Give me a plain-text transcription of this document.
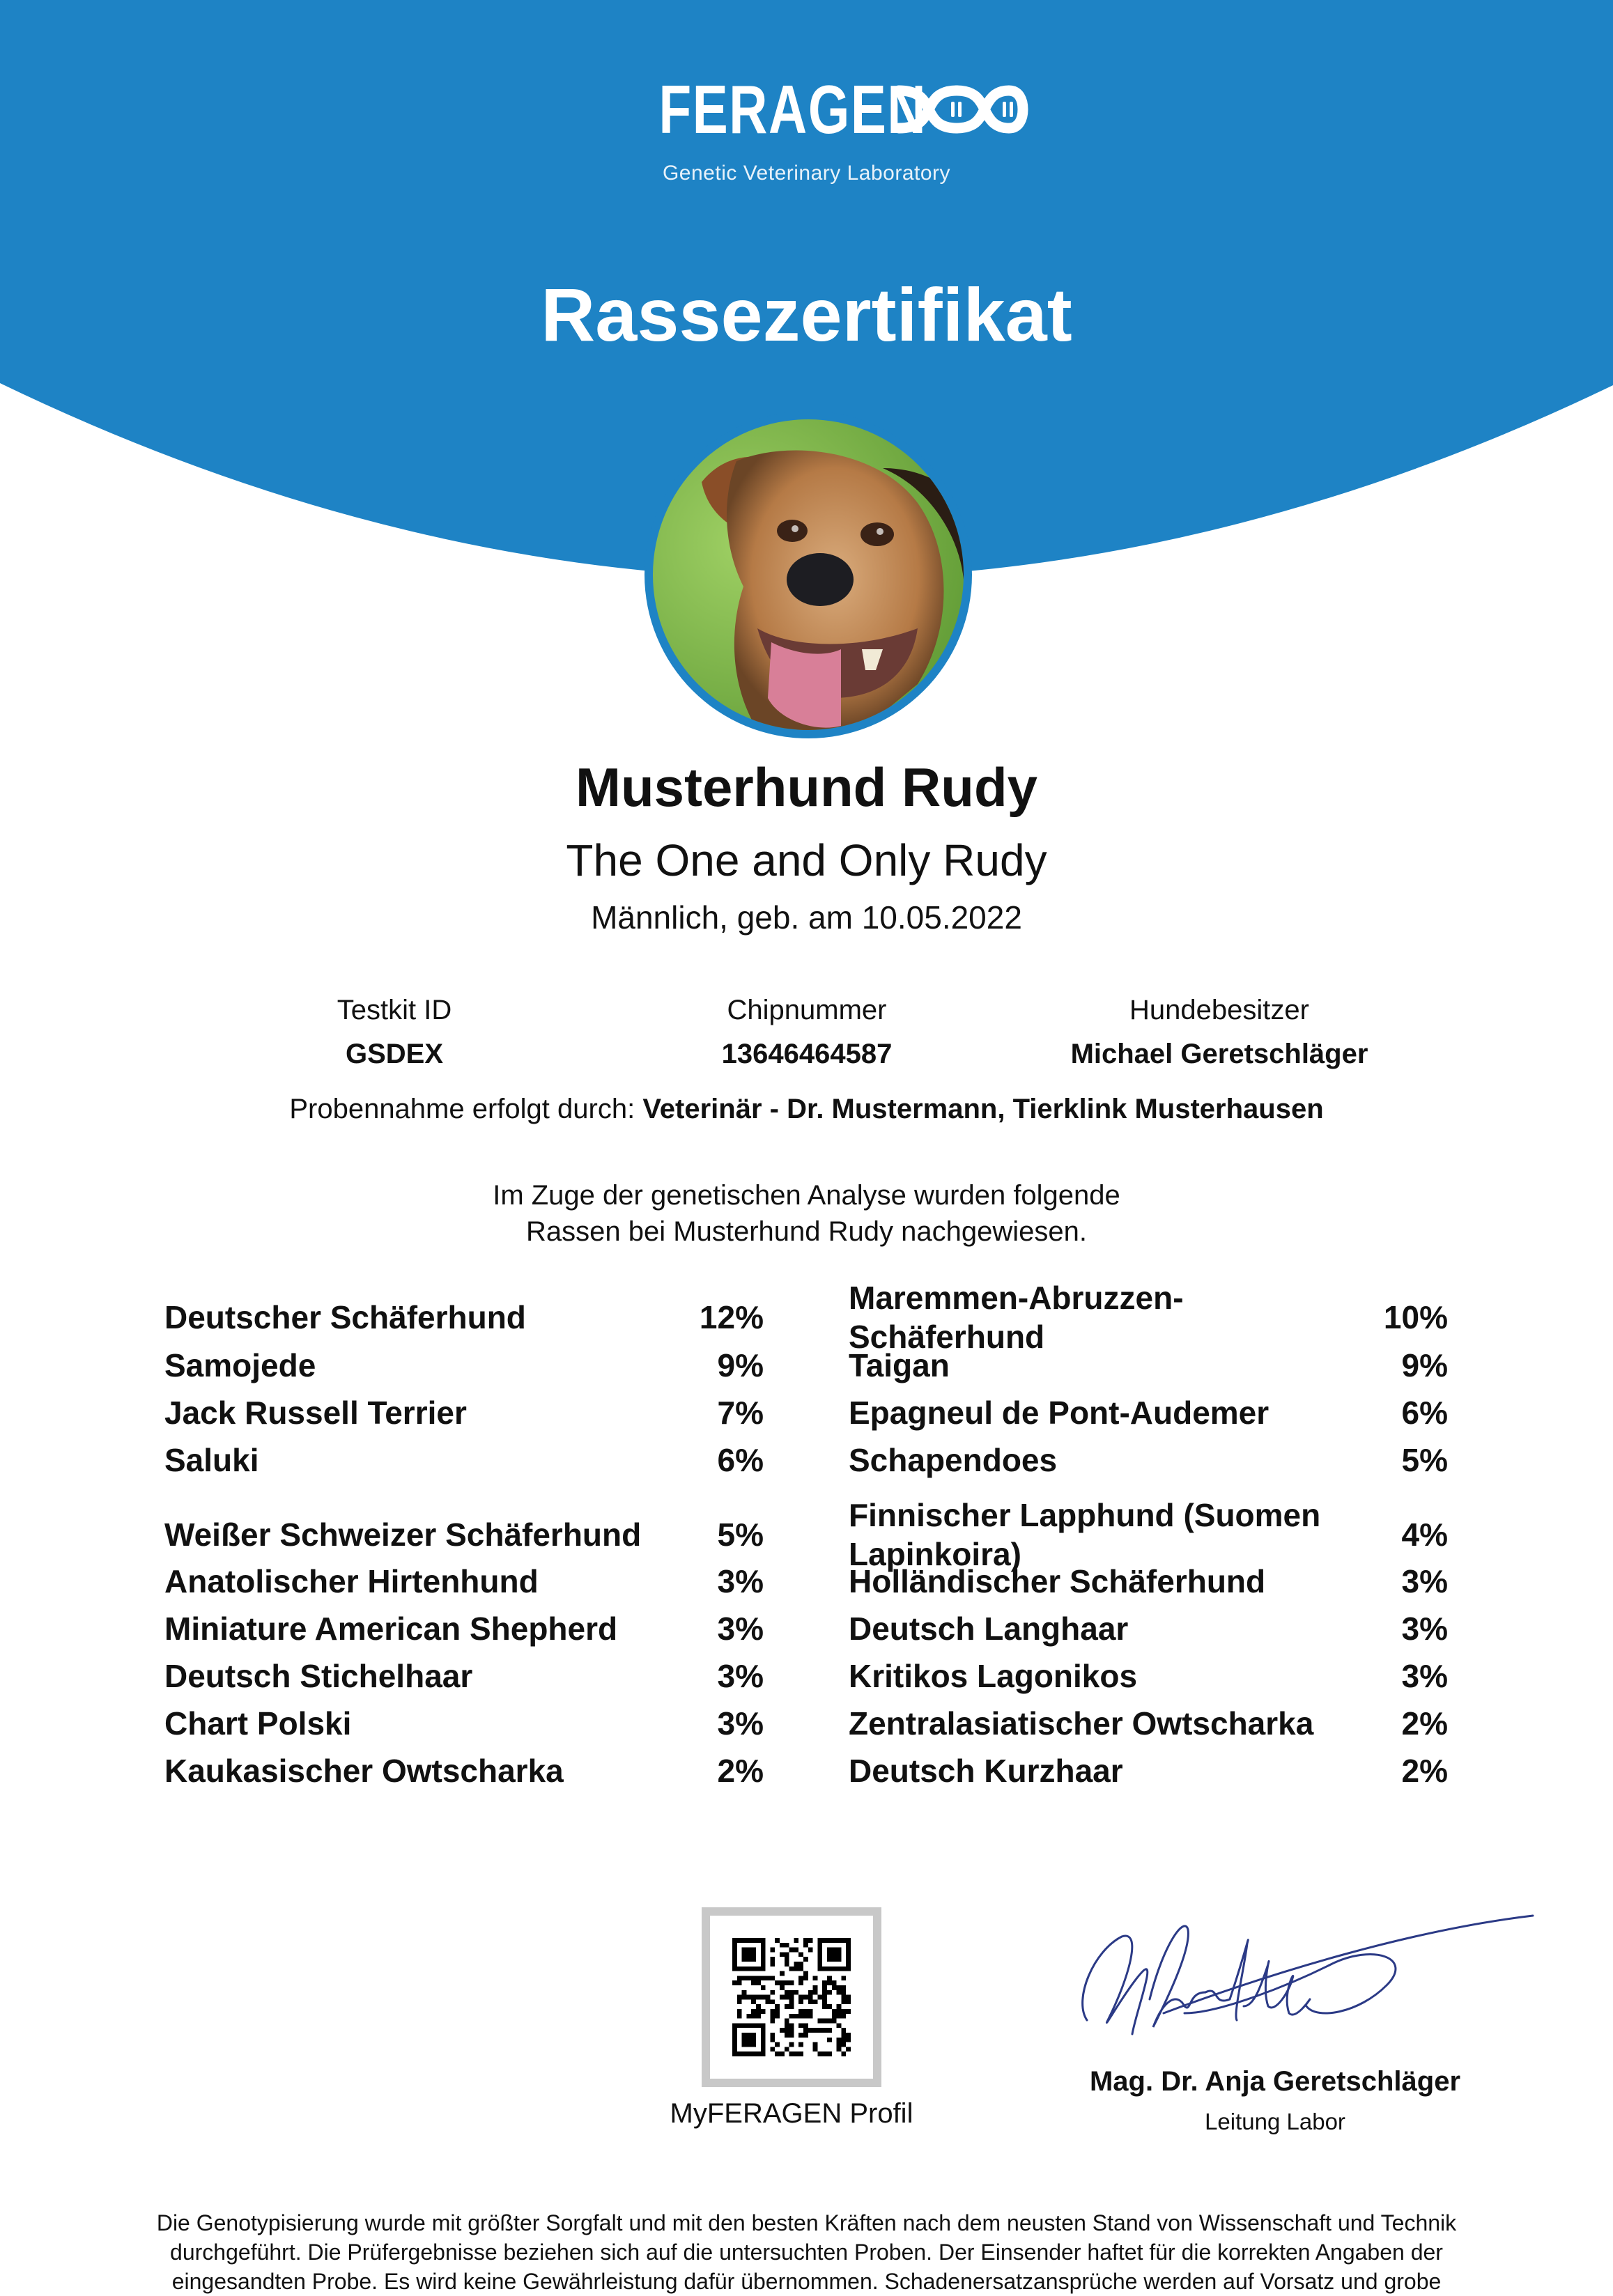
FERAGEN
Genetic Veterinary Laboratory
Rassezertifikat
Musterhund Rudy
The One and Only Rudy
Männlich, geb. am 10.05.2022
Testkit ID
GSDEX
Chipnummer
13646464587
Hundebesitzer
Michael Geretschläger
Probennahme erfolgt durch: Veterinär - Dr. Mustermann, Tierklink Musterhausen
Im Zuge der genetischen Analyse wurden folgende
Rassen bei Musterhund Rudy nachgewiesen.
Deutscher Schäferhund	12%
Samojede	9%
Jack Russell Terrier	7%
Saluki	6%
Weißer Schweizer Schäferhund 5%
Anatolischer Hirtenhund	3%
Miniature American Shepherd	3%
Deutsch Stichelhaar	3%
Chart Polski	3%
Kaukasischer Owtscharka	2%
Maremmen-Abruzzen-Schäferhund
10%
Taigan	9%
Epagneul de Pont-Audemer	6%
Schapendoes	5%
Finnischer Lapphund (Suomen Lapinkoira)
4%
Holländischer Schäferhund	3%
Deutsch Langhaar	3%
Kritikos Lagonikos	3%
Zentralasiatischer Owtscharka	2%
Deutsch Kurzhaar	2%
MyFERAGEN Profil
Mag. Dr. Anja Geretschläger
Leitung Labor
Die Genotypisierung wurde mit größter Sorgfalt und mit den besten Kräften nach dem neusten Stand von Wissenschaft und Technik
durchgeführt. Die Prüfergebnisse beziehen sich auf die untersuchten Proben. Der Einsender haftet für die korrekten Angaben der
eingesandten Probe. Es wird keine Gewährleistung dafür übernommen. Schadenersatzansprüche werden auf Vorsatz und grobe
